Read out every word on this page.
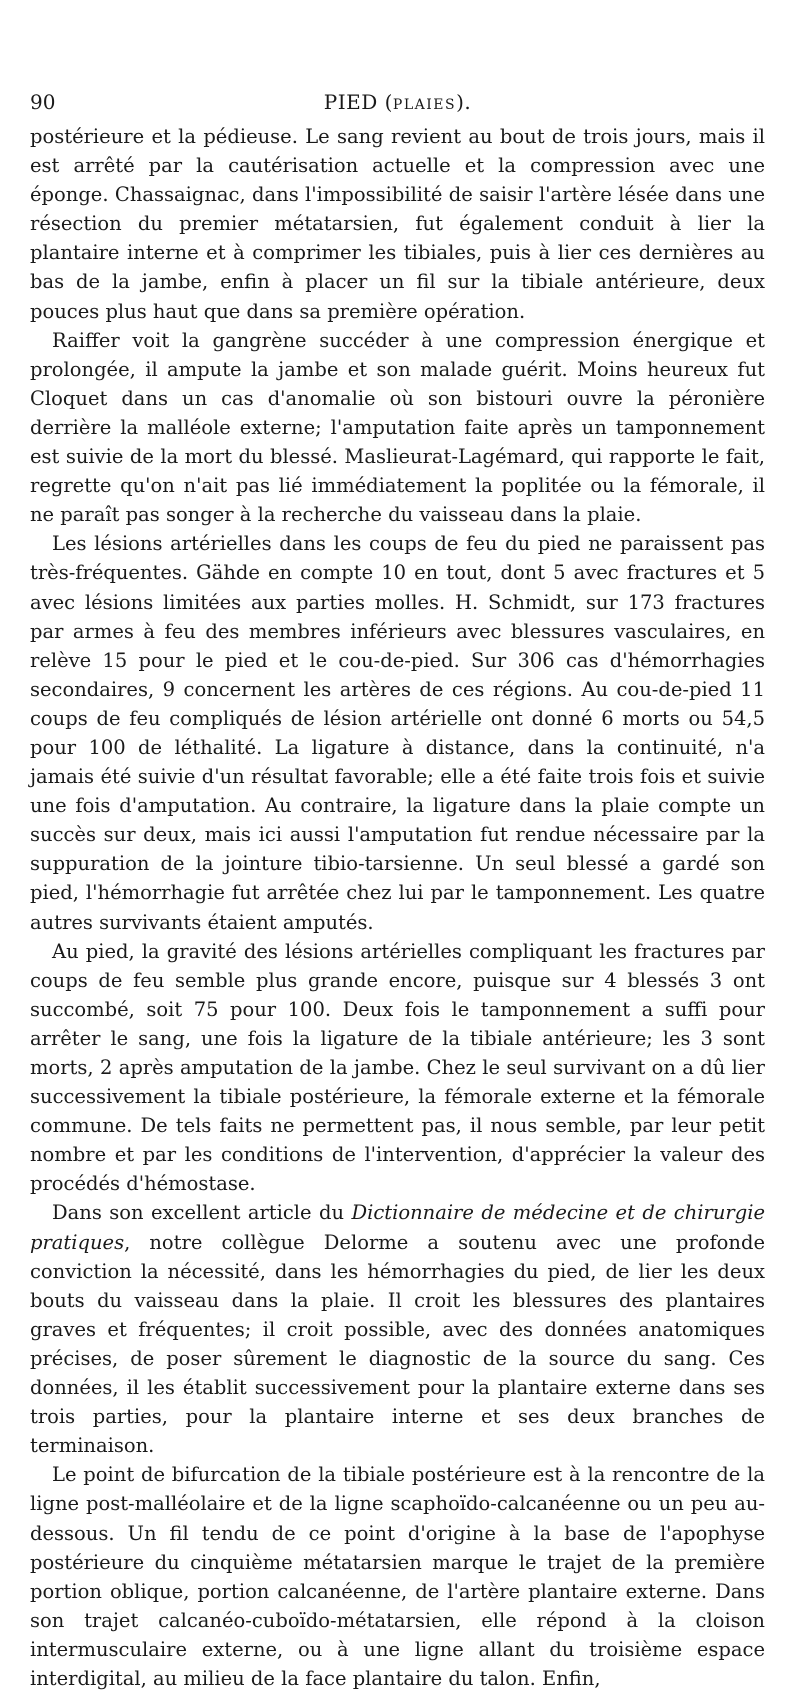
90	PIED (PLAIES).

postérieure et la pédieuse. Le sang revient au bout de trois jours, mais il est arrêté par la cautérisation actuelle et la compression avec une éponge. Chassaignac, dans l'impossibilité de saisir l'artère lésée dans une résection du premier métatarsien, fut également conduit à lier la plantaire interne et à comprimer les tibiales, puis à lier ces dernières au bas de la jambe, enfin à placer un fil sur la tibiale antérieure, deux pouces plus haut que dans sa première opération.

Raiffer voit la gangrène succéder à une compression énergique et prolongée, il ampute la jambe et son malade guérit. Moins heureux fut Cloquet dans un cas d'anomalie où son bistouri ouvre la péronière derrière la malléole externe; l'amputation faite après un tamponnement est suivie de la mort du blessé. Maslieurat-Lagémard, qui rapporte le fait, regrette qu'on n'ait pas lié immédiatement la poplitée ou la fémorale, il ne paraît pas songer à la recherche du vaisseau dans la plaie.

Les lésions artérielles dans les coups de feu du pied ne paraissent pas très-fréquentes. Gähde en compte 10 en tout, dont 5 avec fractures et 5 avec lésions limitées aux parties molles. H. Schmidt, sur 173 fractures par armes à feu des membres inférieurs avec blessures vasculaires, en relève 15 pour le pied et le cou-de-pied. Sur 306 cas d'hémorrhagies secondaires, 9 concernent les artères de ces régions. Au cou-de-pied 11 coups de feu compliqués de lésion artérielle ont donné 6 morts ou 54,5 pour 100 de léthalité. La ligature à distance, dans la continuité, n'a jamais été suivie d'un résultat favorable; elle a été faite trois fois et suivie une fois d'amputation. Au contraire, la ligature dans la plaie compte un succès sur deux, mais ici aussi l'amputation fut rendue nécessaire par la suppuration de la jointure tibio-tarsienne. Un seul blessé a gardé son pied, l'hémorrhagie fut arrêtée chez lui par le tamponnement. Les quatre autres survivants étaient amputés.

Au pied, la gravité des lésions artérielles compliquant les fractures par coups de feu semble plus grande encore, puisque sur 4 blessés 3 ont succombé, soit 75 pour 100. Deux fois le tamponnement a suffi pour arrêter le sang, une fois la ligature de la tibiale antérieure; les 3 sont morts, 2 après amputation de la jambe. Chez le seul survivant on a dû lier successivement la tibiale postérieure, la fémorale externe et la fémorale commune. De tels faits ne permettent pas, il nous semble, par leur petit nombre et par les conditions de l'intervention, d'apprécier la valeur des procédés d'hémostase.

Dans son excellent article du Dictionnaire de médecine et de chirurgie pratiques, notre collègue Delorme a soutenu avec une profonde conviction la nécessité, dans les hémorrhagies du pied, de lier les deux bouts du vaisseau dans la plaie. Il croit les blessures des plantaires graves et fréquentes; il croit possible, avec des données anatomiques précises, de poser sûrement le diagnostic de la source du sang. Ces données, il les établit successivement pour la plantaire externe dans ses trois parties, pour la plantaire interne et ses deux branches de terminaison.

Le point de bifurcation de la tibiale postérieure est à la rencontre de la ligne post-malléolaire et de la ligne scaphoïdo-calcanéenne ou un peu au-dessous. Un fil tendu de ce point d'origine à la base de l'apophyse postérieure du cinquième métatarsien marque le trajet de la première portion oblique, portion calcanéenne, de l'artère plantaire externe. Dans son trajet calcanéo-cuboïdo-métatarsien, elle répond à la cloison intermusculaire externe, ou à une ligne allant du troisième espace interdigital, au milieu de la face plantaire du talon. Enfin,
